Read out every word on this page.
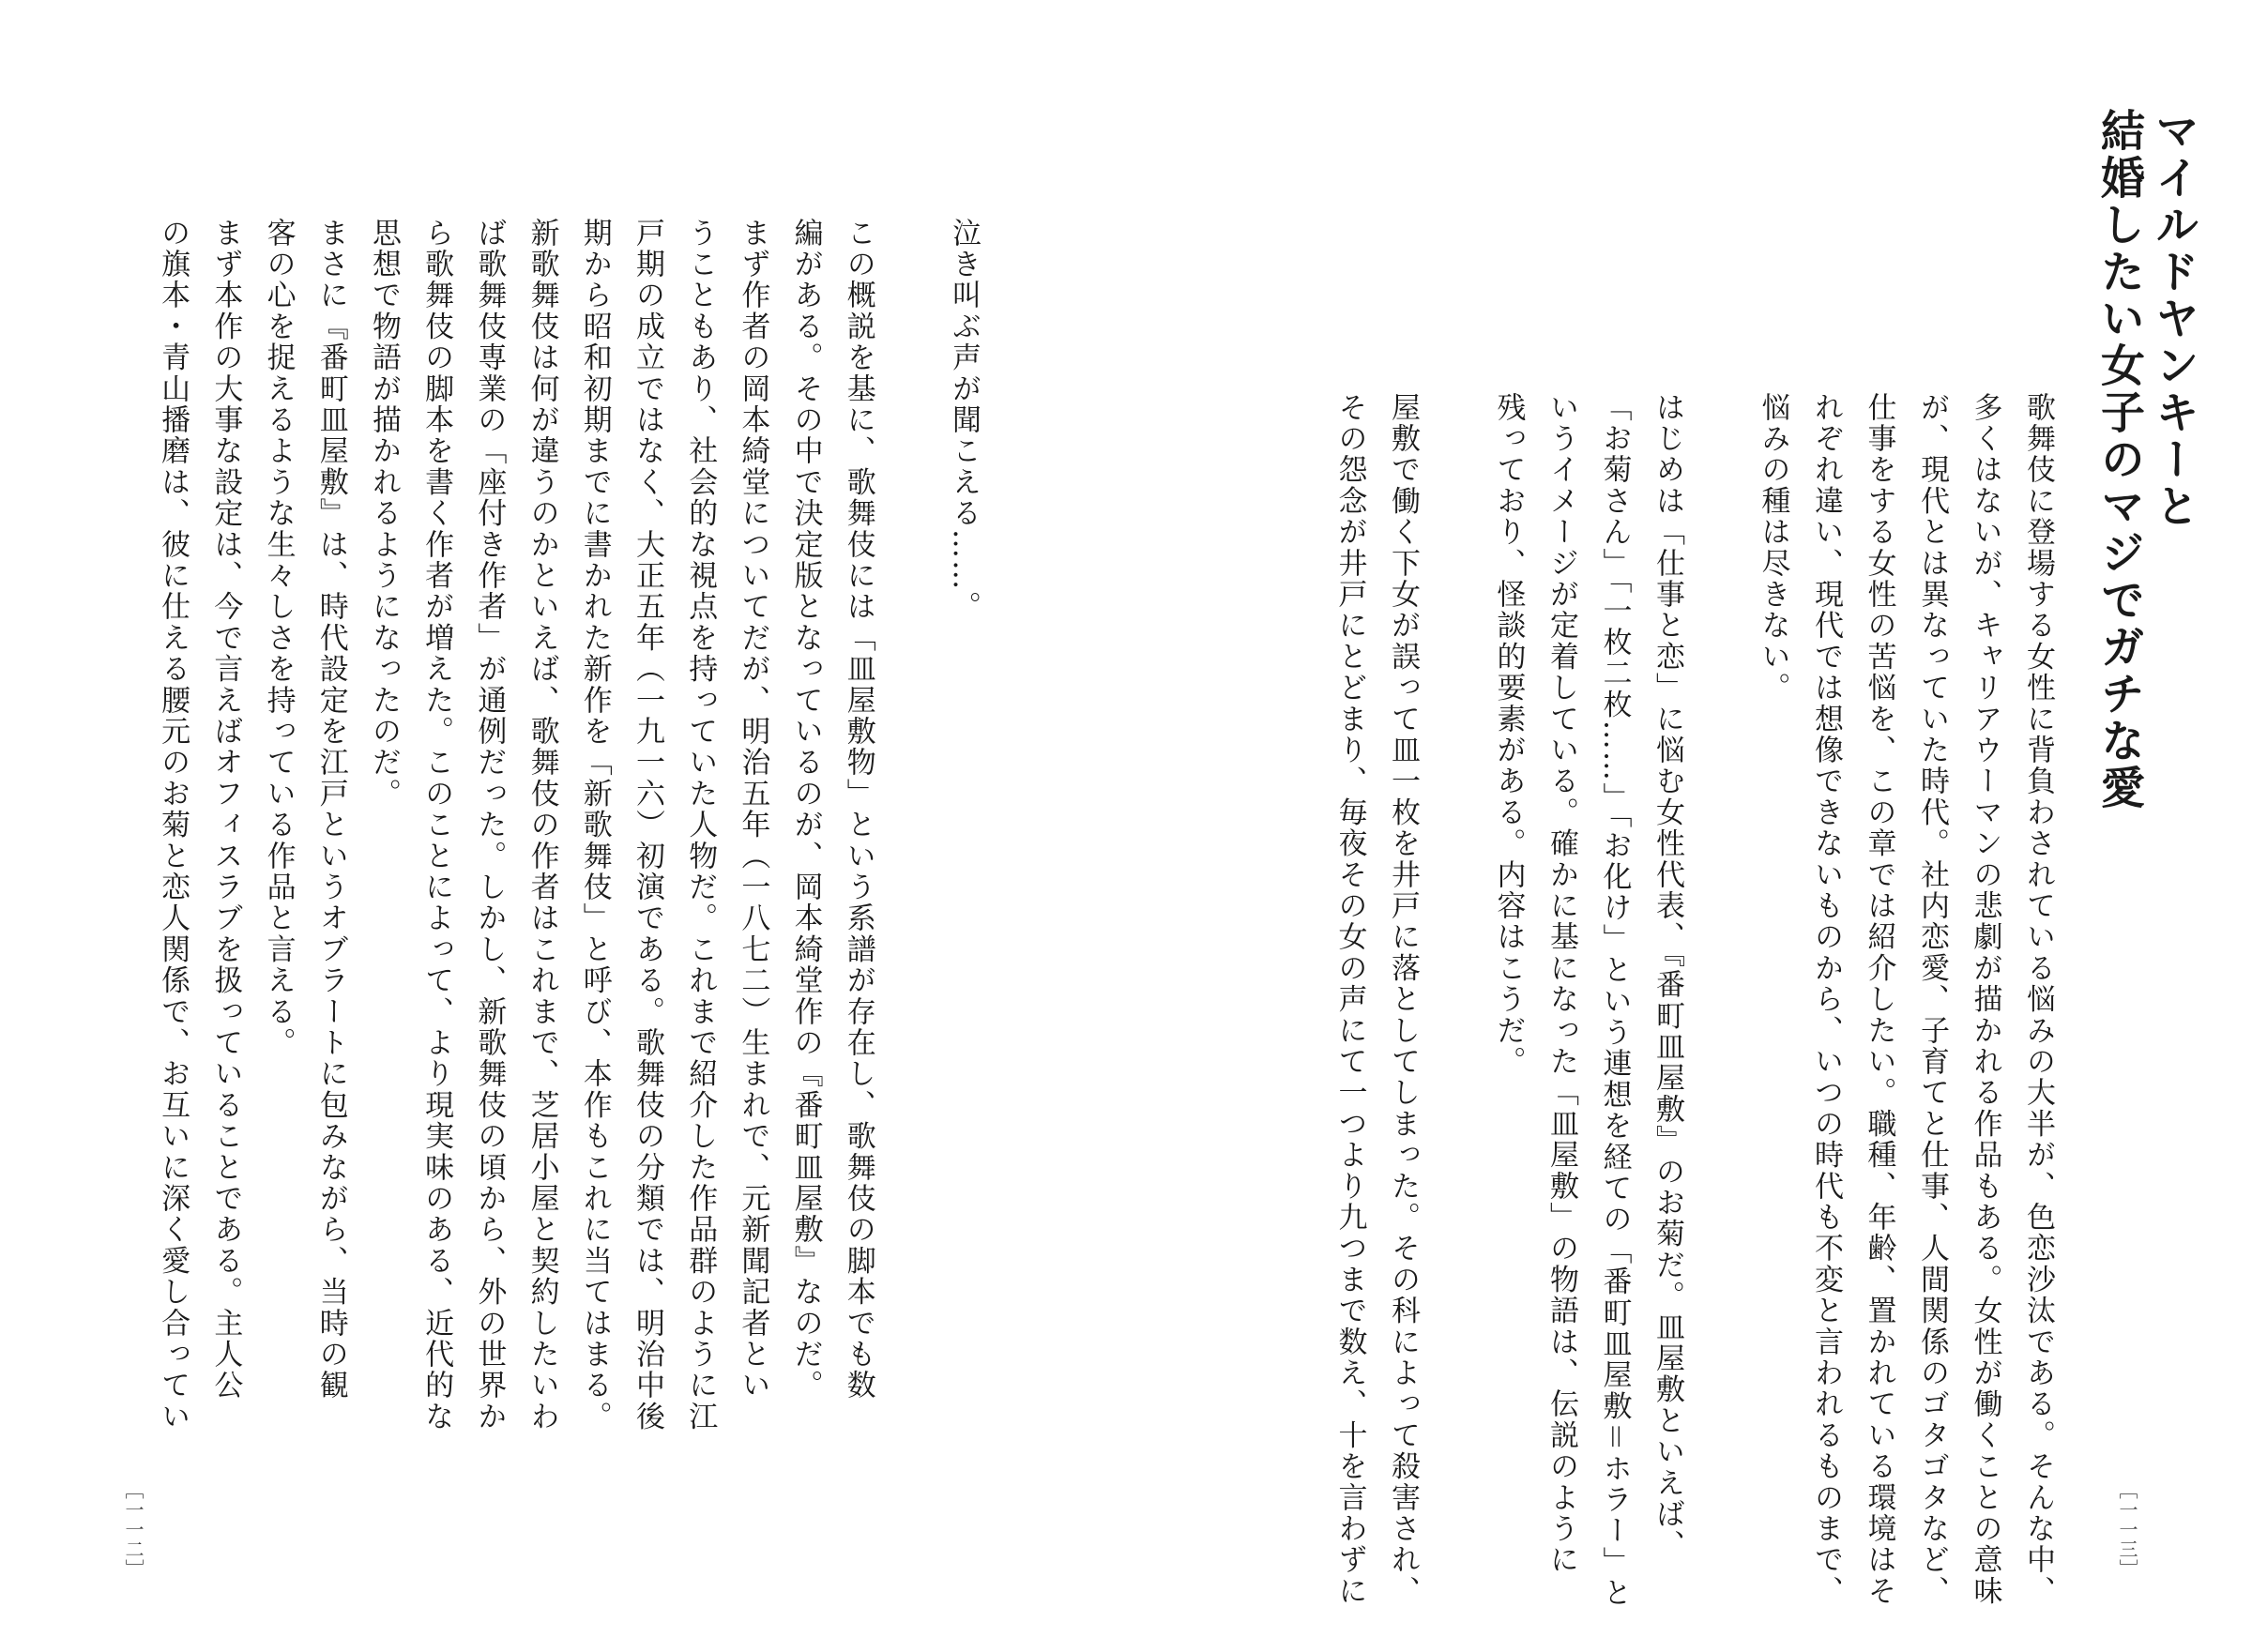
マイルドヤンキーと
結婚したい女子のマジでガチな愛
歌舞伎に登場する女性に背負わされている悩みの大半が、色恋沙汰である。そんな中、
多くはないが、キャリアウーマンの悲劇が描かれる作品もある。女性が働くことの意味
が、現代とは異なっていた時代。社内恋愛、子育てと仕事、人間関係のゴタゴタなど、
仕事をする女性の苦悩を、この章では紹介したい。職種、年齢、置かれている環境はそ
れぞれ違い、現代では想像できないものから、いつの時代も不変と言われるものまで、
悩みの種は尽きない。
はじめは「仕事と恋」に悩む女性代表、『番町皿屋敷』のお菊だ。皿屋敷といえば、
「お菊さん」「一枚二枚……」「お化け」という連想を経ての「番町皿屋敷＝ホラー」と
いうイメージが定着している。確かに基になった「皿屋敷」の物語は、伝説のように
残っており、怪談的要素がある。内容はこうだ。
屋敷で働く下女が誤って皿一枚を井戸に落としてしまった。その科によって殺害され、
その怨念が井戸にとどまり、毎夜その女の声にて一つより九つまで数え、十を言わずに	［一一三］
泣き叫ぶ声が聞こえる……。
この概説を基に、歌舞伎には「皿屋敷物」という系譜が存在し、歌舞伎の脚本でも数
編がある。その中で決定版となっているのが、岡本綺堂作の『番町皿屋敷』なのだ。
まず作者の岡本綺堂についてだが、明治五年（一八七二）生まれで、元新聞記者とい
うこともあり、社会的な視点を持っていた人物だ。これまで紹介した作品群のように江
戸期の成立ではなく、大正五年（一九一六）初演である。歌舞伎の分類では、明治中後
期から昭和初期までに書かれた新作を「新歌舞伎」と呼び、本作もこれに当てはまる。
新歌舞伎は何が違うのかといえば、歌舞伎の作者はこれまで、芝居小屋と契約したいわ
ば歌舞伎専業の「座付き作者」が通例だった。しかし、新歌舞伎の頃から、外の世界か
ら歌舞伎の脚本を書く作者が増えた。このことによって、より現実味のある、近代的な
思想で物語が描かれるようになったのだ。
まさに『番町皿屋敷』は、時代設定を江戸というオブラートに包みながら、当時の観
客の心を捉えるような生々しさを持っている作品と言える。
まず本作の大事な設定は、今で言えばオフィスラブを扱っていることである。主人公
の旗本・青山播磨は、彼に仕える腰元のお菊と恋人関係で、お互いに深く愛し合ってい
［一一二］
